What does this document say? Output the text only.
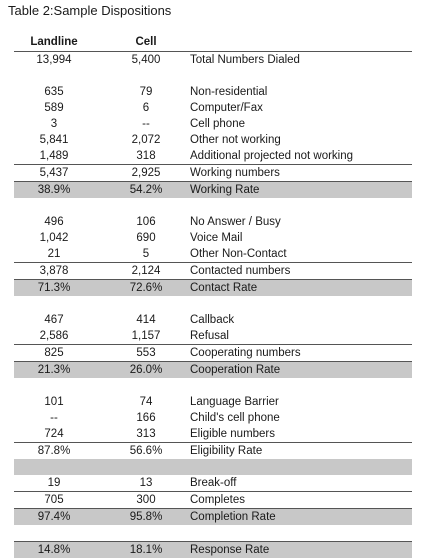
Table 2:Sample Dispositions
Landline	Cell
13,994	5,400	Total Numbers Dialed
635	79	Non-residential
589	6	Computer/Fax
3	--	Cell phone
5,841	2,072	Other not working
1,489	318	Additional projected not working
5,437	2,925	Working numbers
38.9%	54.2%	Working Rate
496	106	No Answer / Busy
1,042	690	Voice Mail
21	5	Other Non-Contact
3,878	2,124	Contacted numbers
71.3%	72.6%	Contact Rate
467	414	Callback
2,586	1,157	Refusal
825	553	Cooperating numbers
21.3%	26.0%	Cooperation Rate
101	74	Language Barrier
--	166	Child's cell phone
724	313	Eligible numbers
87.8%	56.6%	Eligibility Rate
19	13	Break-off
705	300	Completes
97.4%	95.8%	Completion Rate
14.8%	18.1%	Response Rate
